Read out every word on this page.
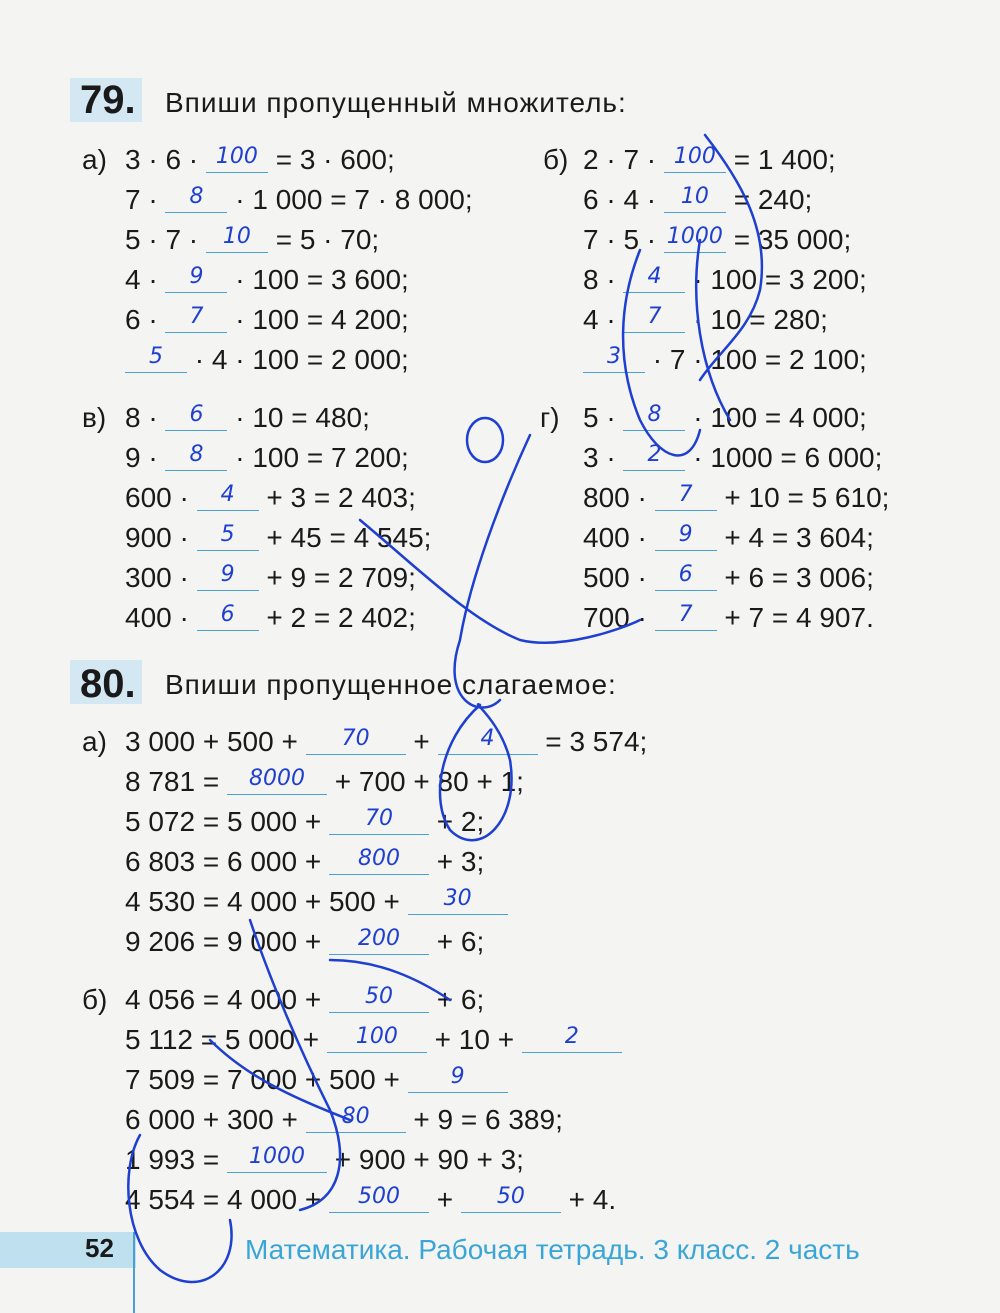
79. Впиши пропущенный множитель:
а)	б)
в)	г)
3 · 6 · $^{100}$ = 3 · 600;
7 · $^8$ · 1 000 = 7 · 8 000;
5 · 7 · $^{10}$ = 5 · 70;
4 · $^9$ · 100 = 3 600;
6 · $^7$ · 100 = 4 200;
$^5$ · 4 · 100 = 2 000;
2 · 7 · $^{100}$ = 1 400;
6 · 4 · $^{10}$ = 240;
7 · 5 · $^{1000}$ = 35 000;
8 · $^4$ · 100 = 3 200;
4 · $^7$ · 10 = 280;
$^3$ · 7 · 100 = 2 100;
8 · $^6$ · 10 = 480;
9 · $^8$ · 100 = 7 200;
600 · $^4$ + 3 = 2 403;
900 · $^5$ + 45 = 4 545;
300 · $^9$ + 9 = 2 709;
400 · $^6$ + 2 = 2 402;
5 · $^8$ · 100 = 4 000;
3 · $^2$ · 1000 = 6 000;
800 · $^7$ + 10 = 5 610;
400 · $^9$ + 4 = 3 604;
500 · $^6$ + 6 = 3 006;
700 · $^7$ + 7 = 4 907.
80. Впиши пропущенное слагаемое:
а)
б)
3 000 + 500 + $^{70}$ + $^4$ = 3 574;
8 781 = $^{8000}$ + 700 + 80 + 1;
5 072 = 5 000 + $^{70}$ + 2;
6 803 = 6 000 + $^{800}$ + 3;
4 530 = 4 000 + 500 + $^{30}$
9 206 = 9 000 + $^{200}$ + 6;
4 056 = 4 000 + $^{50}$ + 6;
5 112 = 5 000 + $^{100}$ + 10 + $^2$
7 509 = 7 000 + 500 + $^9$
6 000 + 300 + $^{80}$ + 9 = 6 389;
1 993 = $^{1000}$ + 900 + 90 + 3;
4 554 = 4 000 + $^{500}$ + $^{50}$ + 4.
52	Математика. Рабочая тетрадь. 3 класс. 2 часть
